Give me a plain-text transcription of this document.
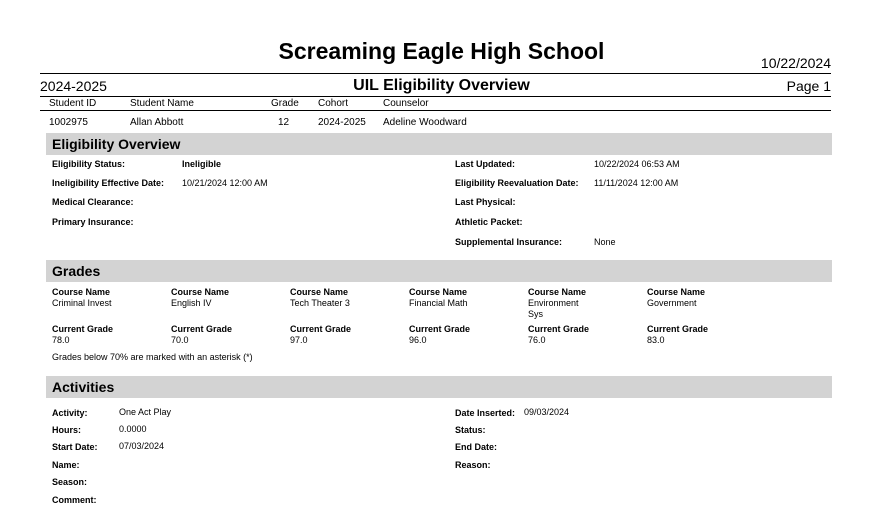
Screaming Eagle High School	10/22/2024
2024-2025	UIL Eligibility Overview	Page 1
Student ID	Student Name	Grade Cohort	Counselor
1002975	Allan Abbott	12	2024-2025 Adeline Woodward
Eligibility Overview
Eligibility Status:	Ineligible
Ineligibility Effective Date: 10/21/2024 12:00 AM
Medical Clearance:
Primary Insurance:
Last Updated:	10/22/2024 06:53 AM
Eligibility Reevaluation Date: 11/11/2024 12:00 AM
Last Physical:
Athletic Packet:
Supplemental Insurance:	None
Grades
Course Name
Criminal Invest
Current Grade
78.0
Course Name
English IV
Current Grade
70.0
Course Name
Tech Theater 3
Current Grade
97.0
Course Name
Financial Math
Current Grade
96.0
Course Name
Environment Sys
Current Grade
76.0
Course Name
Government
Current Grade
83.0
Grades below 70% are marked with an asterisk (*)
Activities
Activity:	One Act Play
Hours:	0.0000
Start Date: 07/03/2024
Name:
Season:
Comment:
Date Inserted: 09/03/2024
Status:
End Date:
Reason:
